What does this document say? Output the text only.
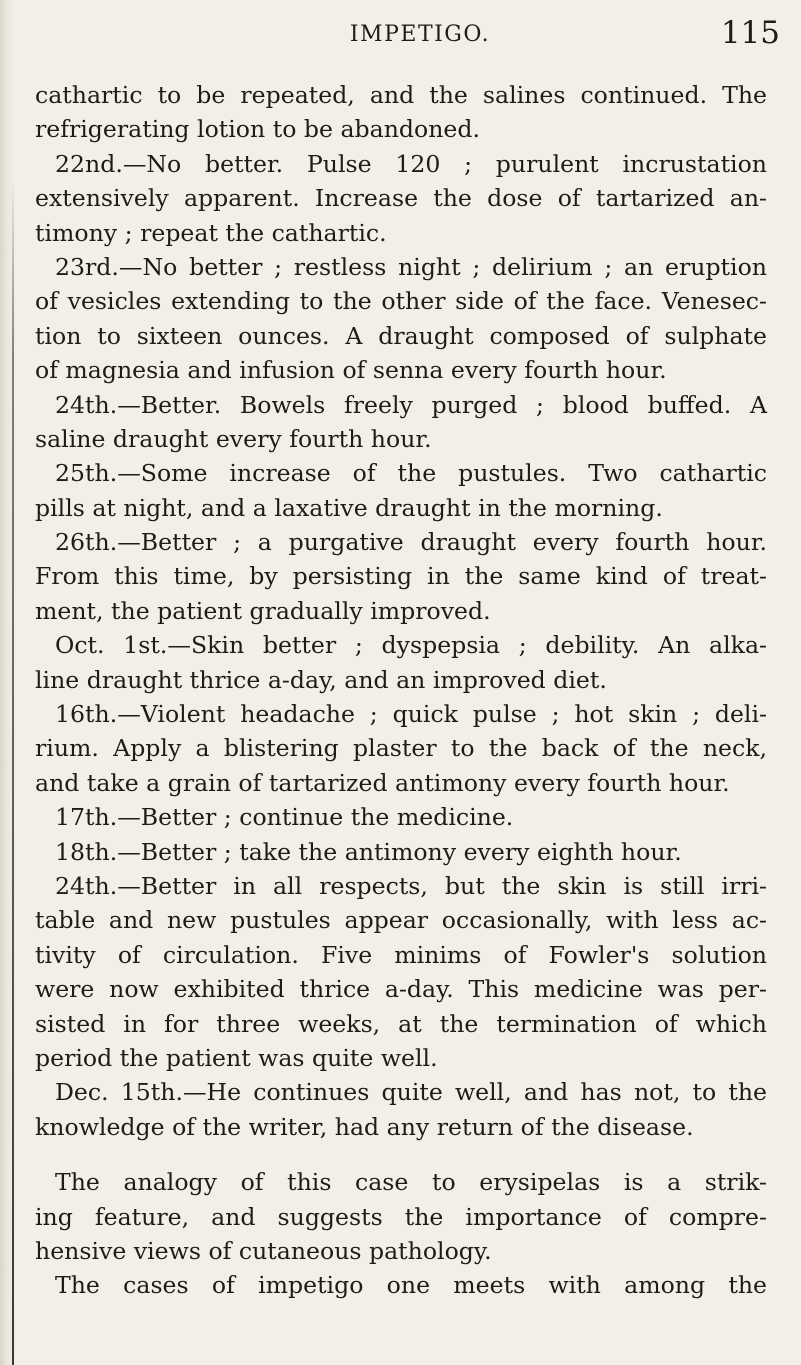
IMPETIGO.	115
cathartic to be repeated, and the salines continued. The
refrigerating lotion to be abandoned.
22nd.—No better. Pulse 120 ; purulent incrustation
extensively apparent. Increase the dose of tartarized an-
timony ; repeat the cathartic.
23rd.—No better ; restless night ; delirium ; an eruption
of vesicles extending to the other side of the face. Venesec-
tion to sixteen ounces. A draught composed of sulphate
of magnesia and infusion of senna every fourth hour.
24th.—Better. Bowels freely purged ; blood buffed. A
saline draught every fourth hour.
25th.—Some increase of the pustules. Two cathartic
pills at night, and a laxative draught in the morning.
26th.—Better ; a purgative draught every fourth hour.
From this time, by persisting in the same kind of treat-
ment, the patient gradually improved.
Oct. 1st.—Skin better ; dyspepsia ; debility. An alka-
line draught thrice a-day, and an improved diet.
16th.—Violent headache ; quick pulse ; hot skin ; deli-
rium. Apply a blistering plaster to the back of the neck,
and take a grain of tartarized antimony every fourth hour.
17th.—Better ; continue the medicine.
18th.—Better ; take the antimony every eighth hour.
24th.—Better in all respects, but the skin is still irri-
table and new pustules appear occasionally, with less ac-
tivity of circulation. Five minims of Fowler's solution
were now exhibited thrice a-day. This medicine was per-
sisted in for three weeks, at the termination of which
period the patient was quite well.
Dec. 15th.—He continues quite well, and has not, to the
knowledge of the writer, had any return of the disease.
The analogy of this case to erysipelas is a strik-
ing feature, and suggests the importance of compre-
hensive views of cutaneous pathology.
The cases of impetigo one meets with among the
